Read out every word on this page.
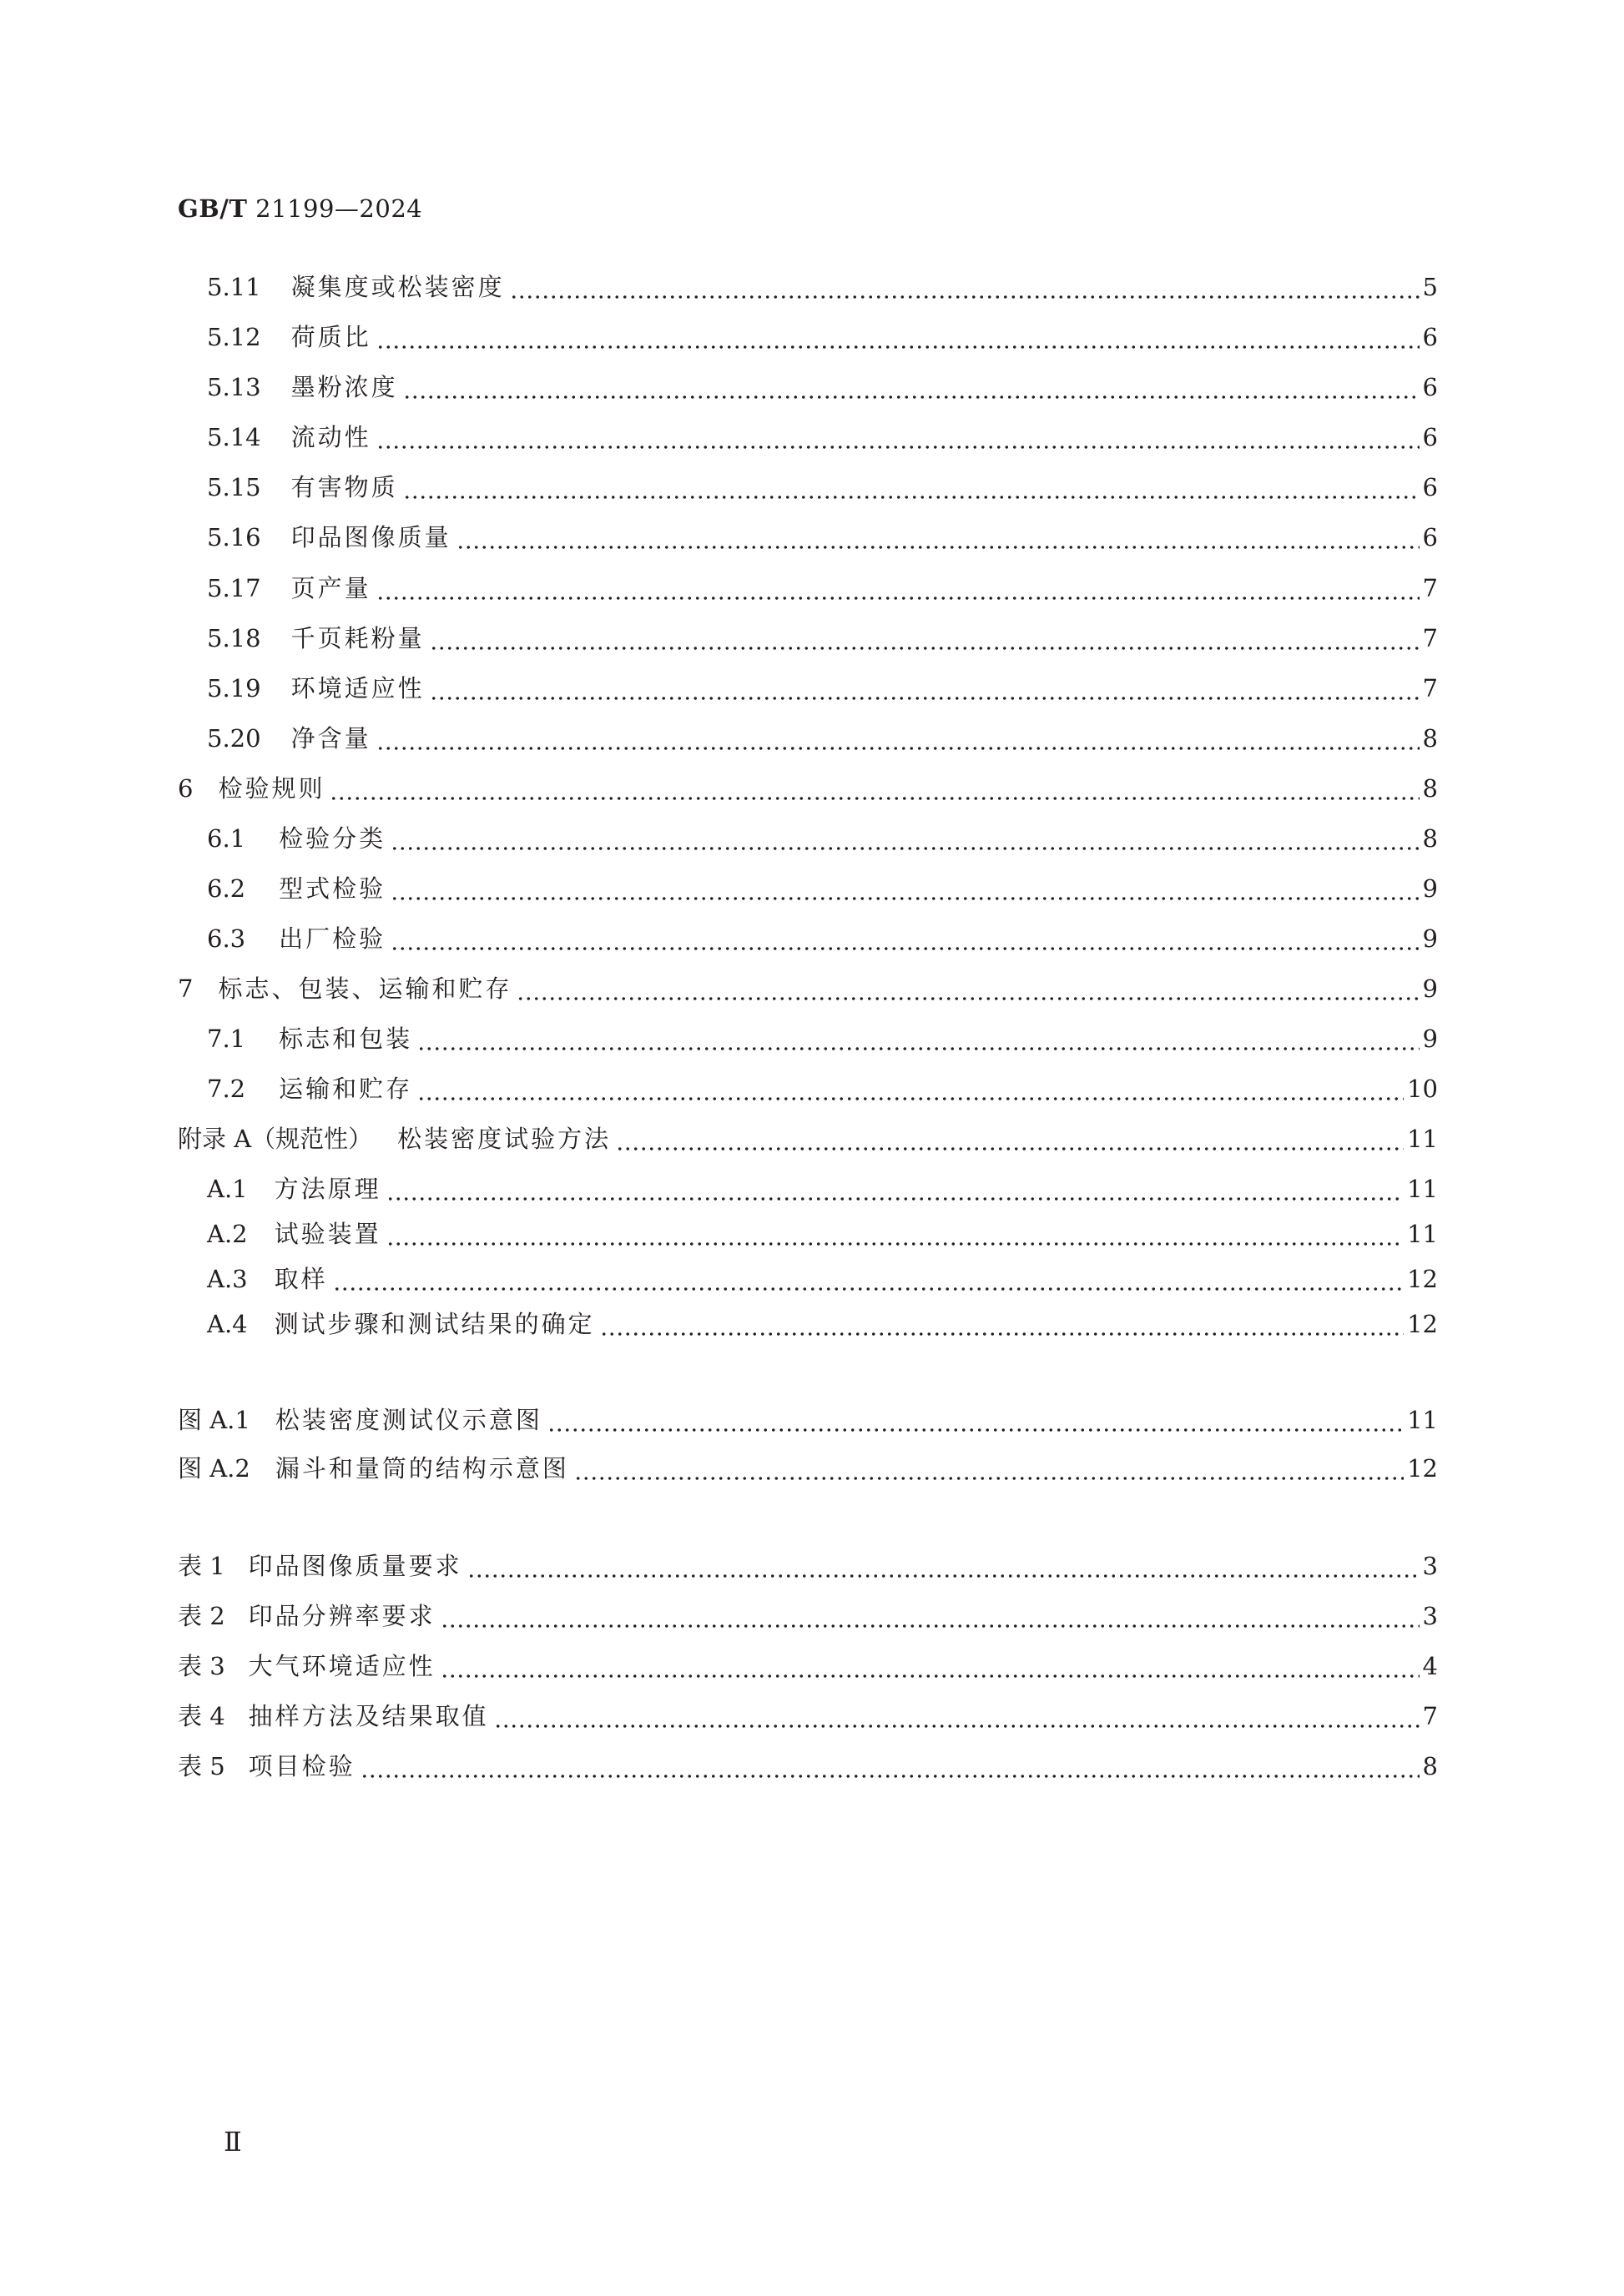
GB/T 21199—2024
5.11 凝集度或松装密度	5
5.12 荷质比	6
5.13 墨粉浓度	6
5.14 流动性	6
5.15 有害物质	6
5.16 印品图像质量	6
5.17 页产量	7
5.18 千页耗粉量	7
5.19 环境适应性	7
5.20 净含量	8
6 检验规则	8
6.1 检验分类	8
6.2 型式检验	9
6.3 出厂检验	9
7 标志、包装、运输和贮存	9
7.1 标志和包装	9
7.2 运输和贮存	10
附录 A（规范性） 松装密度试验方法	11
A.1 方法原理	11
A.2 试验装置	11
A.3 取样	12
A.4 测试步骤和测试结果的确定	12
图 A.1 松装密度测试仪示意图	11
图 A.2 漏斗和量筒的结构示意图	12
表 1 印品图像质量要求	3
表 2 印品分辨率要求	3
表 3 大气环境适应性	4
表 4 抽样方法及结果取值	7
表 5 项目检验	8
Ⅱ
